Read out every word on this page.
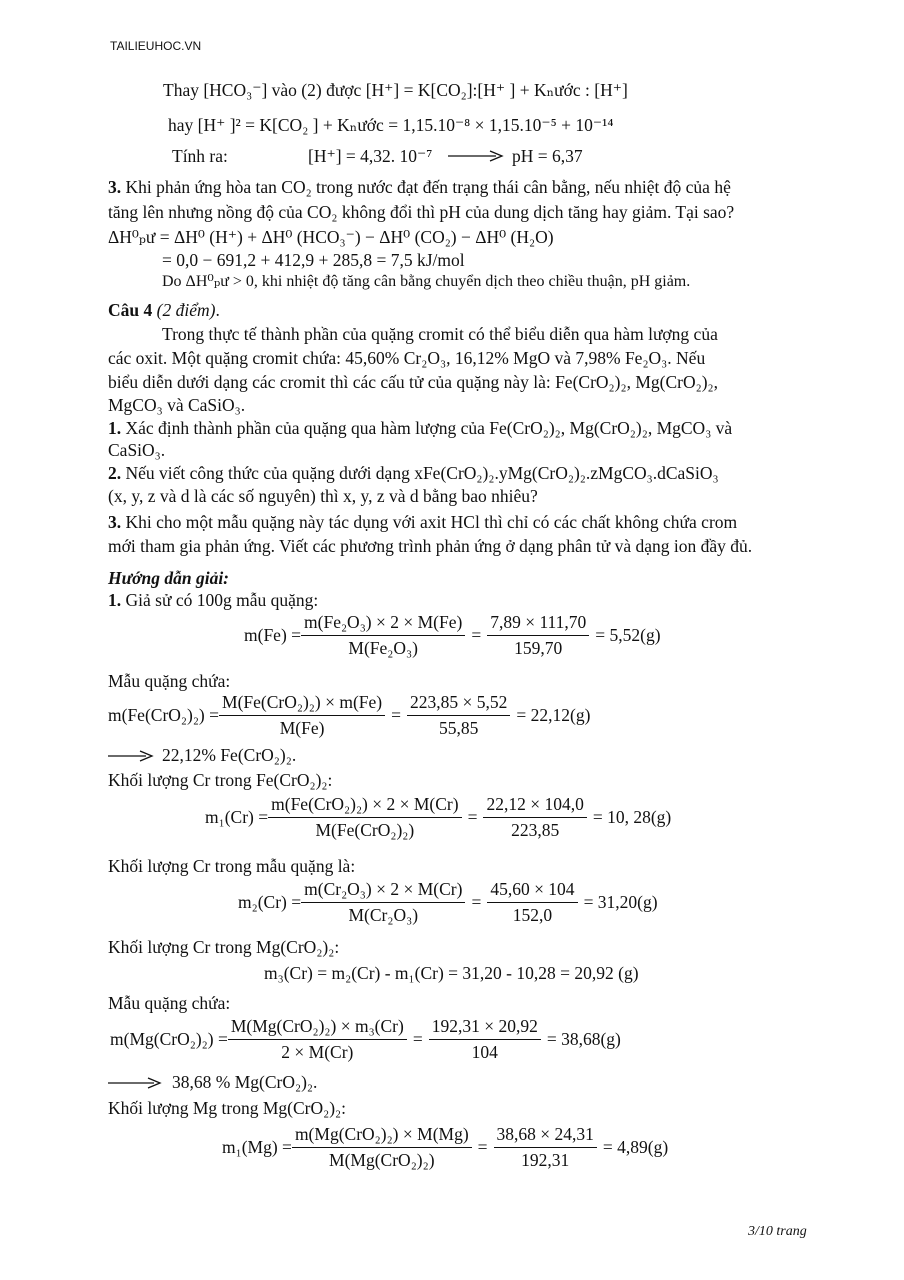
TAILIEUHOC.VN
Thay [HCO₃⁻] vào (2) được [H⁺] = K[CO₂]:[H⁺ ] + Kₙước : [H⁺]
hay [H⁺ ]² = K[CO₂ ] + Kₙước = 1,15.10⁻⁸ × 1,15.10⁻⁵ + 10⁻¹⁴
Tính ra:	[H⁺] = 4,32. 10⁻⁷	pH = 6,37
3. Khi phản ứng hòa tan CO₂ trong nước đạt đến trạng thái cân bằng, nếu nhiệt độ của hệ
tăng lên nhưng nồng độ của CO₂ không đổi thì pH của dung dịch tăng hay giảm. Tại sao?
ΔH⁰ₚư = ΔH⁰ (H⁺) + ΔH⁰ (HCO₃⁻) − ΔH⁰ (CO₂) − ΔH⁰ (H₂O)
= 0,0 − 691,2 + 412,9 + 285,8 = 7,5 kJ/mol
Do ΔH⁰ₚư > 0, khi nhiệt độ tăng cân bằng chuyển dịch theo chiều thuận, pH giảm.
Câu 4 (2 điểm).
Trong thực tế thành phần của quặng cromit có thể biểu diễn qua hàm lượng của
các oxit. Một quặng cromit chứa: 45,60% Cr₂O₃, 16,12% MgO và 7,98% Fe₂O₃. Nếu
biểu diễn dưới dạng các cromit thì các cấu tử của quặng này là: Fe(CrO₂)₂, Mg(CrO₂)₂,
MgCO₃ và CaSiO₃.
1. Xác định thành phần của quặng qua hàm lượng của Fe(CrO₂)₂, Mg(CrO₂)₂, MgCO₃ và
CaSiO₃.
2. Nếu viết công thức của quặng dưới dạng xFe(CrO₂)₂.yMg(CrO₂)₂.zMgCO₃.dCaSiO₃
(x, y, z và d là các số nguyên) thì x, y, z và d bằng bao nhiêu?
3. Khi cho một mẫu quặng này tác dụng với axit HCl thì chỉ có các chất không chứa crom
mới tham gia phản ứng. Viết các phương trình phản ứng ở dạng phân tử và dạng ion đầy đủ.
Hướng dẫn giải:
1. Giả sử có 100g mẫu quặng:
$m(Fe) = \frac{\text{m(Fe₂O₃) × 2 × M(Fe)}}{\text{M(Fe₂O₃)}} = \frac{7,89 \times 111,70}{159,70} = 5,52(g)$
Mẫu quặng chứa:
$m(Fe(CrO_2)_2) = \frac{\text{M(Fe(CrO₂)₂) × m(Fe)}}{M(Fe)} = \frac{223,85 \times 5,52}{55,85} = 22,12(g)$
22,12% Fe(CrO₂)₂.
Khối lượng Cr trong Fe(CrO₂)₂:
$m_1(Cr) = \frac{\text{m(Fe(CrO₂)₂) × 2 × M(Cr)}}{\text{M(Fe(CrO₂)₂)}} = \frac{22,12 \times 104,0}{223,85} = 10$, 28(g)
Khối lượng Cr trong mẫu quặng là:
$m_2(Cr) = \frac{\text{m(Cr₂O₃) × 2 × M(Cr)}}{\text{M(Cr₂O₃)}} = \frac{45,60 \times 104}{152,0} = 31,20(g)$
Khối lượng Cr trong Mg(CrO₂)₂:
m₃(Cr) = m₂(Cr) - m₁(Cr) = 31,20 - 10,28 = 20,92 (g)
Mẫu quặng chứa:
$m(Mg(CrO_2)_2) = \frac{\text{M(Mg(CrO₂)₂) × m₃(Cr)}}{2 \times M(Cr)} = \frac{192,31 \times 20,92}{104} = 38,68(g)$
38,68 % Mg(CrO₂)₂.
Khối lượng Mg trong Mg(CrO₂)₂:
$m_1(Mg) = \frac{\text{m(Mg(CrO₂)₂) × M(Mg)}}{\text{M(Mg(CrO₂)₂)}} = \frac{38,68 \times 24,31}{192,31} = 4,89(g)$
3/10 trang
